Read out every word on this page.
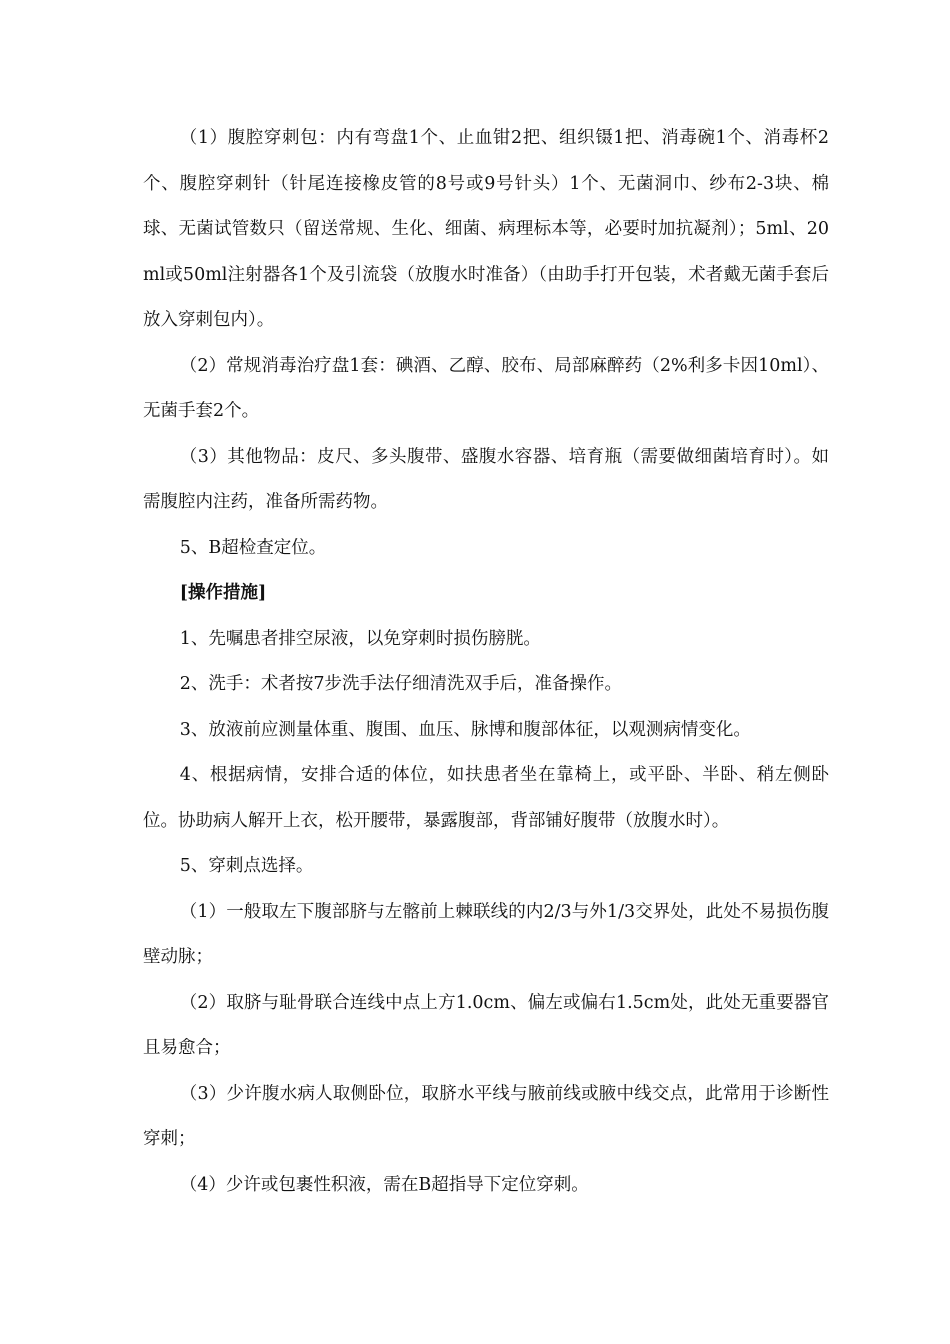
（1）腹腔穿刺包：内有弯盘1个、止血钳2把、组织镊1把、消毒碗1个、消毒杯2个、腹腔穿刺针（针尾连接橡皮管的8号或9号针头）1个、无菌洞巾、纱布2-3块、棉球、无菌试管数只（留送常规、生化、细菌、病理标本等，必要时加抗凝剂）；5ml、20ml或50ml注射器各1个及引流袋（放腹水时准备）（由助手打开包装，术者戴无菌手套后放入穿刺包内）。

（2）常规消毒治疗盘1套：碘酒、乙醇、胶布、局部麻醉药（2%利多卡因10ml）、无菌手套2个。

（3）其他物品：皮尺、多头腹带、盛腹水容器、培育瓶（需要做细菌培育时）。如需腹腔内注药，准备所需药物。

5、B超检查定位。

[操作措施]

1、先嘱患者排空尿液，以免穿刺时损伤膀胱。

2、洗手：术者按7步洗手法仔细清洗双手后，准备操作。

3、放液前应测量体重、腹围、血压、脉博和腹部体征，以观测病情变化。

4、根据病情，安排合适的体位，如扶患者坐在靠椅上，或平卧、半卧、稍左侧卧位。协助病人解开上衣，松开腰带，暴露腹部，背部铺好腹带（放腹水时）。

5、穿刺点选择。

（1）一般取左下腹部脐与左髂前上棘联线的内2/3与外1/3交界处，此处不易损伤腹壁动脉；

（2）取脐与耻骨联合连线中点上方1.0cm、偏左或偏右1.5cm处，此处无重要器官且易愈合；

（3）少许腹水病人取侧卧位，取脐水平线与腋前线或腋中线交点，此常用于诊断性穿刺；

（4）少许或包裹性积液，需在B超指导下定位穿刺。
